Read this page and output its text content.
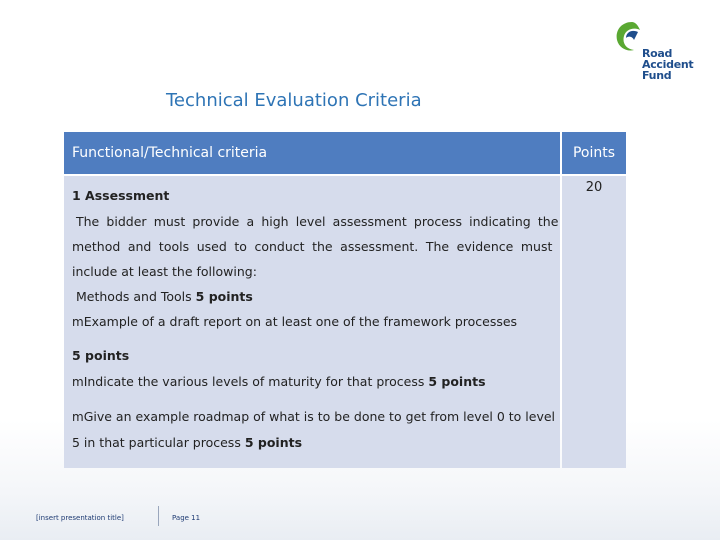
Road
Accident
Fund
Technical Evaluation Criteria
Functional/Technical criteria	Points
1 Assessment
The bidder must provide a high level assessment process indicating the
method and tools used to conduct the assessment. The evidence must
include at least the following:
Methods and Tools 5 points
mExample of a draft report on at least one of the framework processes
5 points
mIndicate the various levels of maturity for that process 5 points
mGive an example roadmap of what is to be done to get from level 0 to level
5 in that particular process 5 points
20
[insert presentation title]	Page 11
